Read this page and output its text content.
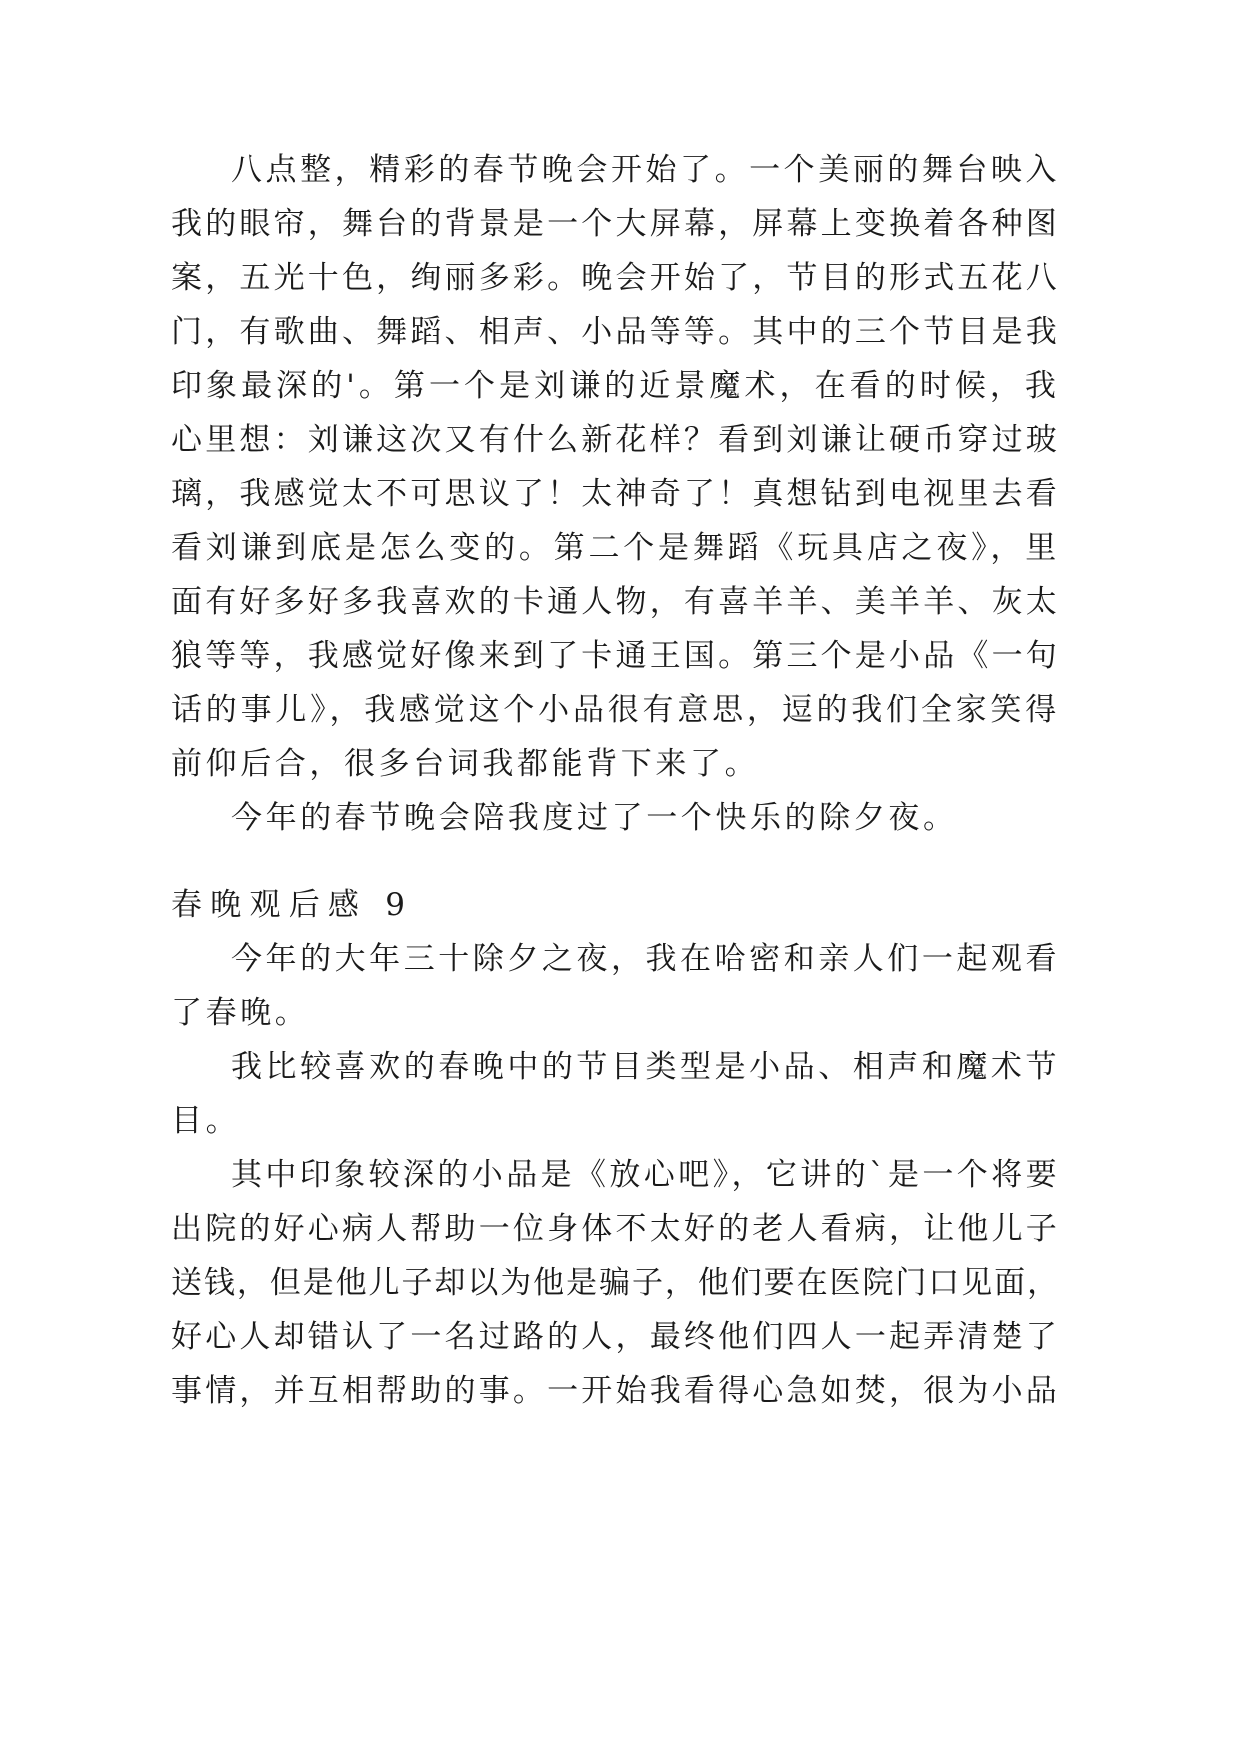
八点整，精彩的春节晚会开始了。一个美丽的舞台映入
我的眼帘，舞台的背景是一个大屏幕，屏幕上变换着各种图
案，五光十色，绚丽多彩。晚会开始了，节目的形式五花八
门，有歌曲、舞蹈、相声、小品等等。其中的三个节目是我
印象最深的'。第一个是刘谦的近景魔术，在看的时候，我
心里想：刘谦这次又有什么新花样？看到刘谦让硬币穿过玻
璃，我感觉太不可思议了！太神奇了！真想钻到电视里去看
看刘谦到底是怎么变的。第二个是舞蹈《玩具店之夜》，里
面有好多好多我喜欢的卡通人物，有喜羊羊、美羊羊、灰太
狼等等，我感觉好像来到了卡通王国。第三个是小品《一句
话的事儿》，我感觉这个小品很有意思，逗的我们全家笑得
前仰后合，很多台词我都能背下来了。
今年的春节晚会陪我度过了一个快乐的除夕夜。
春晚观后感 9
今年的大年三十除夕之夜，我在哈密和亲人们一起观看
了春晚。
我比较喜欢的春晚中的节目类型是小品、相声和魔术节
目。
其中印象较深的小品是《放心吧》，它讲的`是一个将要
出院的好心病人帮助一位身体不太好的老人看病，让他儿子
送钱，但是他儿子却以为他是骗子，他们要在医院门口见面，
好心人却错认了一名过路的人，最终他们四人一起弄清楚了
事情，并互相帮助的事。一开始我看得心急如焚，很为小品
